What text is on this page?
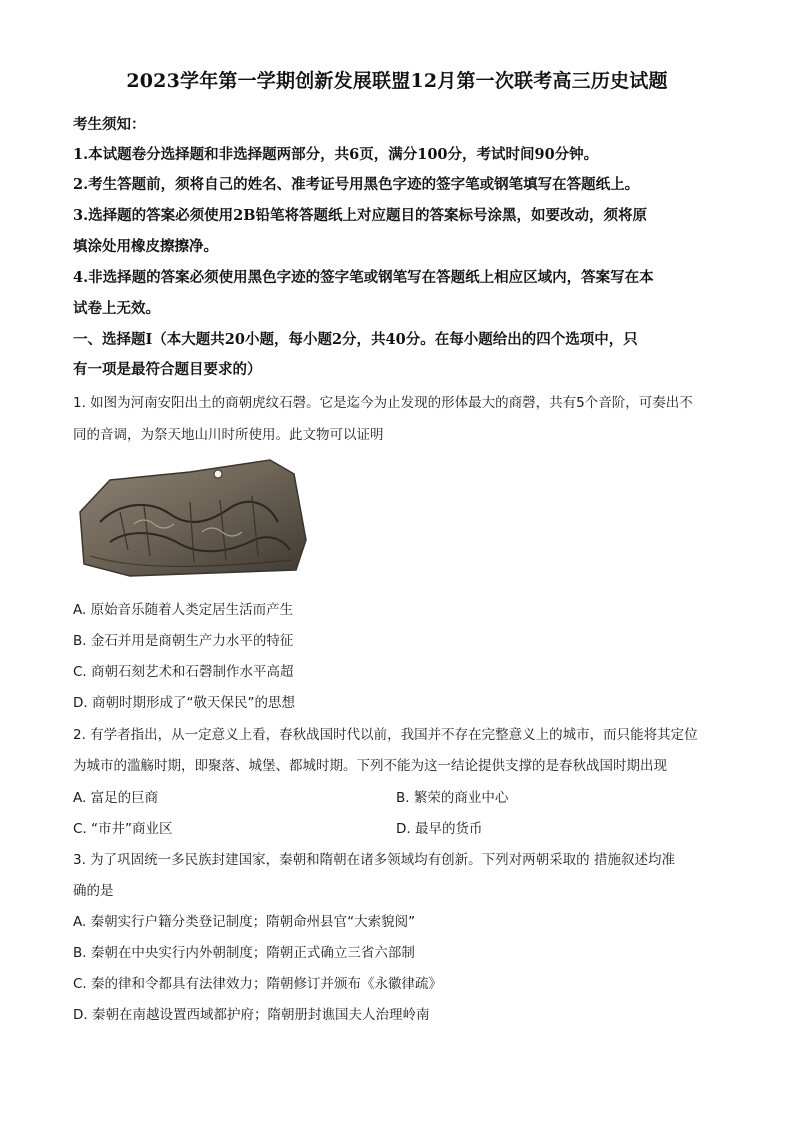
2023学年第一学期创新发展联盟12月第一次联考高三历史试题
考生须知：
1.本试题卷分选择题和非选择题两部分，共6页，满分100分，考试时间90分钟。
2.考生答题前，须将自己的姓名、准考证号用黑色字迹的签字笔或钢笔填写在答题纸上。
3.选择题的答案必须使用2B铅笔将答题纸上对应题目的答案标号涂黑，如要改动，须将原
填涂处用橡皮擦擦净。
4.非选择题的答案必须使用黑色字迹的签字笔或钢笔写在答题纸上相应区域内，答案写在本
试卷上无效。
一、选择题Ⅰ（本大题共20小题，每小题2分，共40分。在每小题给出的四个选项中，只
有一项是最符合题目要求的）
1. 如图为河南安阳出土的商朝虎纹石磬。它是迄今为止发现的形体最大的商磬，共有5个音阶，可奏出不
同的音调，为祭天地山川时所使用。此文物可以证明
A. 原始音乐随着人类定居生活而产生
B. 金石并用是商朝生产力水平的特征
C. 商朝石刻艺术和石磬制作水平高超
D. 商朝时期形成了“敬天保民”的思想
2. 有学者指出，从一定意义上看，春秋战国时代以前，我国并不存在完整意义上的城市，而只能将其定位
为城市的滥觞时期，即聚落、城堡、都城时期。下列不能为这一结论提供支撑的是春秋战国时期出现
A. 富足的巨商	B. 繁荣的商业中心
C. “市井”商业区	D. 最早的货币
3. 为了巩固统一多民族封建国家，秦朝和隋朝在诸多领域均有创新。下列对两朝采取的 措施叙述均准
确的是
A. 秦朝实行户籍分类登记制度；隋朝命州县官“大索貌阅”
B. 秦朝在中央实行内外朝制度；隋朝正式确立三省六部制
C. 秦的律和令都具有法律效力；隋朝修订并颁布《永徽律疏》
D. 秦朝在南越设置西域都护府；隋朝册封谯国夫人治理岭南
